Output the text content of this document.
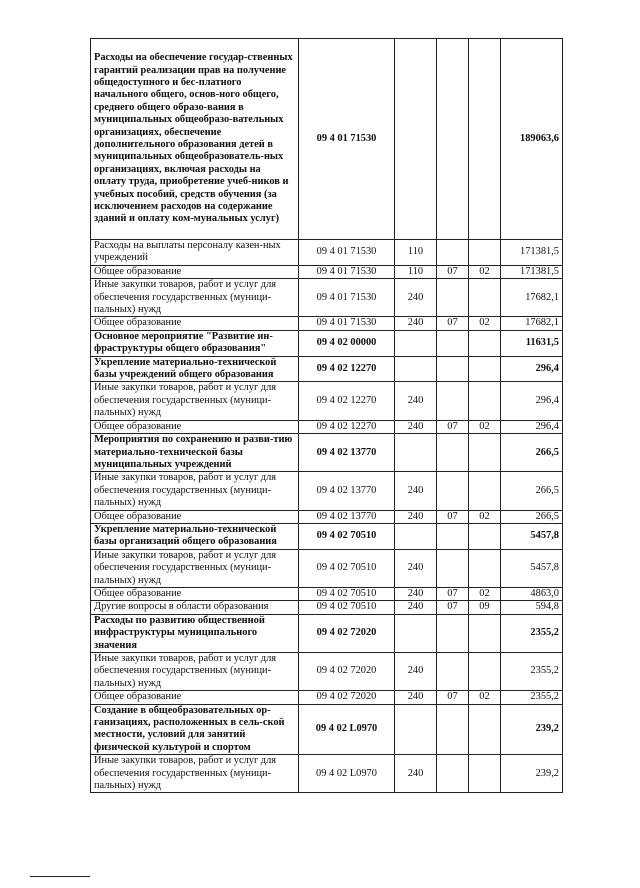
Расходы на обеспечение государ-ственных гарантий реализации прав на получение общедоступного и бес-платного начального общего, основ-ного общего, среднего общего образо-вания в муниципальных общеобразо-вательных организациях, обеспечение дополнительного образования детей в муниципальных общеобразователь-ных организациях, включая расходы на оплату труда, приобретение учеб-ников и учебных пособий, средств обучения (за исключением расходов на содержание зданий и оплату ком-мунальных услуг)	09 4 01 71530				189063,6
Расходы на выплаты персоналу казен-ных учреждений	09 4 01 71530	110			171381,5
Общее образование	09 4 01 71530	110	07	02	171381,5
Иные закупки товаров, работ и услуг для обеспечения государственных (муници-пальных) нужд	09 4 01 71530	240			17682,1
Общее образование	09 4 01 71530	240	07	02	17682,1
Основное мероприятие "Развитие ин-фраструктуры общего образования"	09 4 02 00000				11631,5
Укрепление материально-технической базы учреждений общего образования	09 4 02 12270				296,4
Иные закупки товаров, работ и услуг для обеспечения государственных (муници-пальных) нужд	09 4 02 12270	240			296,4
Общее образование	09 4 02 12270	240	07	02	296,4
Мероприятия по сохранению и разви-тию материально-технической базы муниципальных учреждений	09 4 02 13770				266,5
Иные закупки товаров, работ и услуг для обеспечения государственных (муници-пальных) нужд	09 4 02 13770	240			266,5
Общее образование	09 4 02 13770	240	07	02	266,5
Укрепление материально-технической базы организаций общего образования	09 4 02 70510				5457,8
Иные закупки товаров, работ и услуг для обеспечения государственных (муници-пальных) нужд	09 4 02 70510	240			5457,8
Общее образование	09 4 02 70510	240	07	02	4863,0
Другие вопросы в области образования	09 4 02 70510	240	07	09	594,8
Расходы по развитию общественной инфраструктуры муниципального значения	09 4 02 72020				2355,2
Иные закупки товаров, работ и услуг для обеспечения государственных (муници-пальных) нужд	09 4 02 72020	240			2355,2
Общее образование	09 4 02 72020	240	07	02	2355,2
Создание в общеобразовательных ор-ганизациях, расположенных в сель-ской местности, условий для занятий физической культурой и спортом	09 4 02 L0970				239,2
Иные закупки товаров, работ и услуг для обеспечения государственных (муници-пальных) нужд	09 4 02 L0970	240			239,2
